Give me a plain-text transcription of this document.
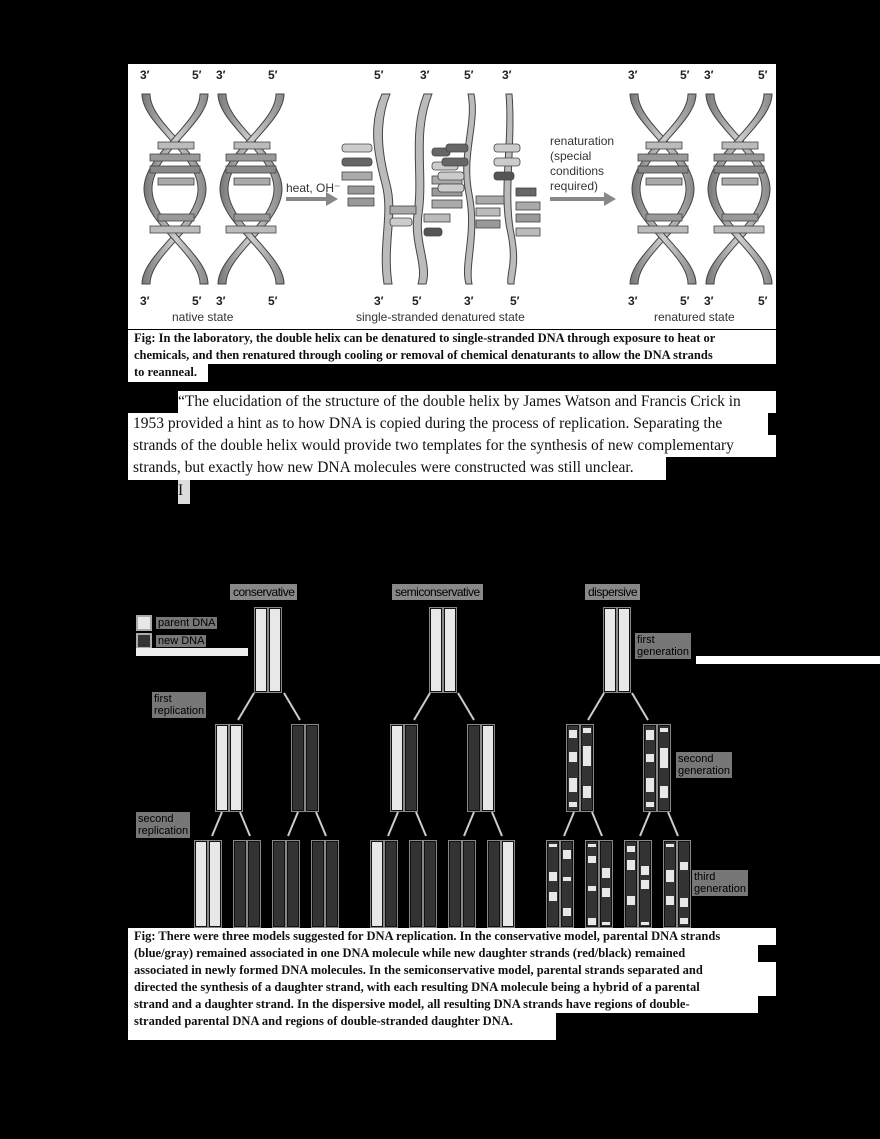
3′	5′ 3′	5′	5′	3′	5′ 3′	3′	5′ 3′	5′
heat, OH⁻
renaturation
(special
conditions
required)
3′	5′ 3′	5′	3′ 5′	3′	5′	3′	5′ 3′	5′
native state	single-stranded denatured state	renatured state
Fig: In the laboratory, the double helix can be denatured to single-stranded DNA through exposure to heat or
chemicals, and then renatured through cooling or removal of chemical denaturants to allow the DNA strands
to reanneal.
“The elucidation of the structure of the double helix by James Watson and Francis Crick in
1953 provided a hint as to how DNA is copied during the process of replication. Separating the
strands of the double helix would provide two templates for the synthesis of new complementary
strands, but exactly how new DNA molecules were constructed was still unclear.
I
conservative	semiconservative	dispersive
parent DNA
new DNA
first
replication
second
replication
first
generation
second
generation
third
generation
Fig: There were three models suggested for DNA replication. In the conservative model, parental DNA strands
(blue/gray) remained associated in one DNA molecule while new daughter strands (red/black) remained
associated in newly formed DNA molecules. In the semiconservative model, parental strands separated and
directed the synthesis of a daughter strand, with each resulting DNA molecule being a hybrid of a parental
strand and a daughter strand. In the dispersive model, all resulting DNA strands have regions of double-
stranded parental DNA and regions of double-stranded daughter DNA.
